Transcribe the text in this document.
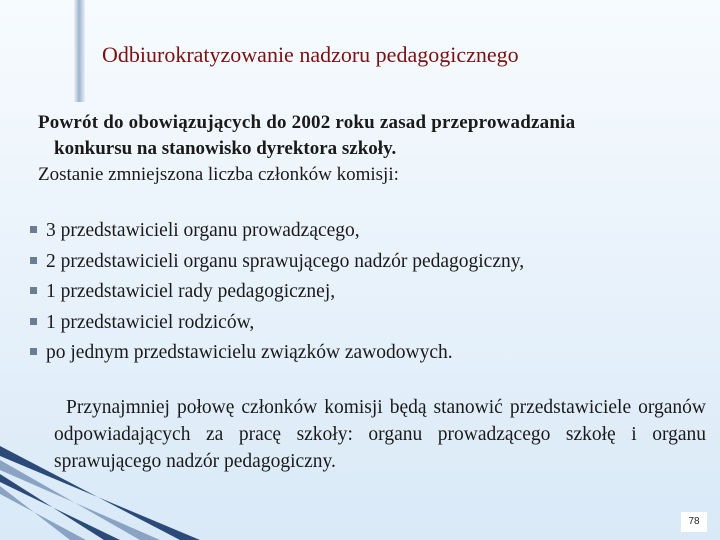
Odbiurokratyzowanie nadzoru pedagogicznego
Powrót do obowiązujących do 2002 roku zasad przeprowadzania
konkursu na stanowisko dyrektora szkoły.
Zostanie zmniejszona liczba członków komisji:
3 przedstawicieli organu prowadzącego,
2 przedstawicieli organu sprawującego nadzór pedagogiczny,
1 przedstawiciel rady pedagogicznej,
1 przedstawiciel rodziców,
po jednym przedstawicielu związków zawodowych.
Przynajmniej połowę członków komisji będą stanowić przedstawiciele organów odpowiadających za pracę szkoły: organu prowadzącego szkołę i organu sprawującego nadzór pedagogiczny.
78
